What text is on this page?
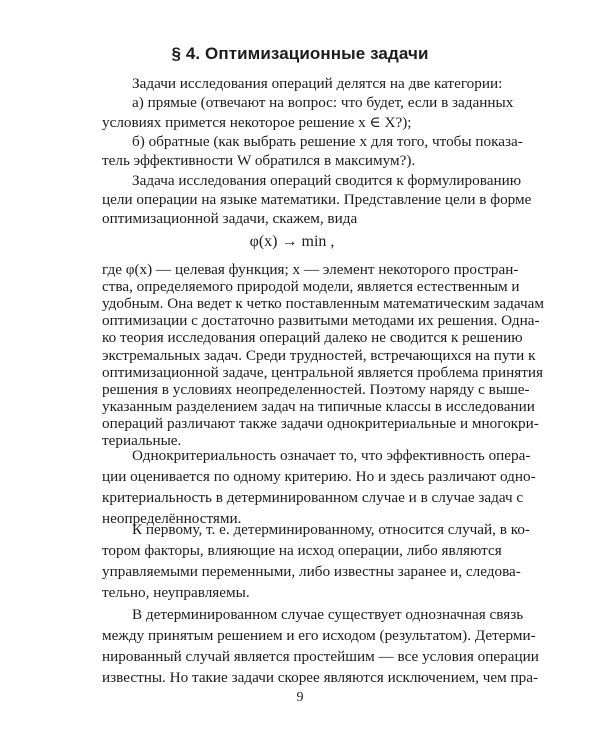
§ 4. Оптимизационные задачи
Задачи исследования операций делятся на две категории:
а) прямые (отвечают на вопрос: что будет, если в заданных
условиях примется некоторое решение x ∈ X?);
б) обратные (как выбрать решение x для того, чтобы показа-
тель эффективности W обратился в максимум?).
Задача исследования операций сводится к формулированию
цели операции на языке математики. Представление цели в форме
оптимизационной задачи, скажем, вида
φ(x) → min ,
где φ(x) — целевая функция; x — элемент некоторого простран-
ства, определяемого природой модели, является естественным и
удобным. Она ведет к четко поставленным математическим задачам
оптимизации с достаточно развитыми методами их решения. Одна-
ко теория исследования операций далеко не сводится к решению
экстремальных задач. Среди трудностей, встречающихся на пути к
оптимизационной задаче, центральной является проблема принятия
решения в условиях неопределенностей. Поэтому наряду с выше-
указанным разделением задач на типичные классы в исследовании
операций различают также задачи однокритериальные и многокри-
териальные.
Однокритериальность означает то, что эффективность опера-
ции оценивается по одному критерию. Но и здесь различают одно-
критериальность в детерминированном случае и в случае задач с
неопределённостями.
К первому, т. е. детерминированному, относится случай, в ко-
тором факторы, влияющие на исход операции, либо являются
управляемыми переменными, либо известны заранее и, следова-
тельно, неуправляемы.
В детерминированном случае существует однозначная связь
между принятым решением и его исходом (результатом). Детерми-
нированный случай является простейшим — все условия операции
известны. Но такие задачи скорее являются исключением, чем пра-
9
